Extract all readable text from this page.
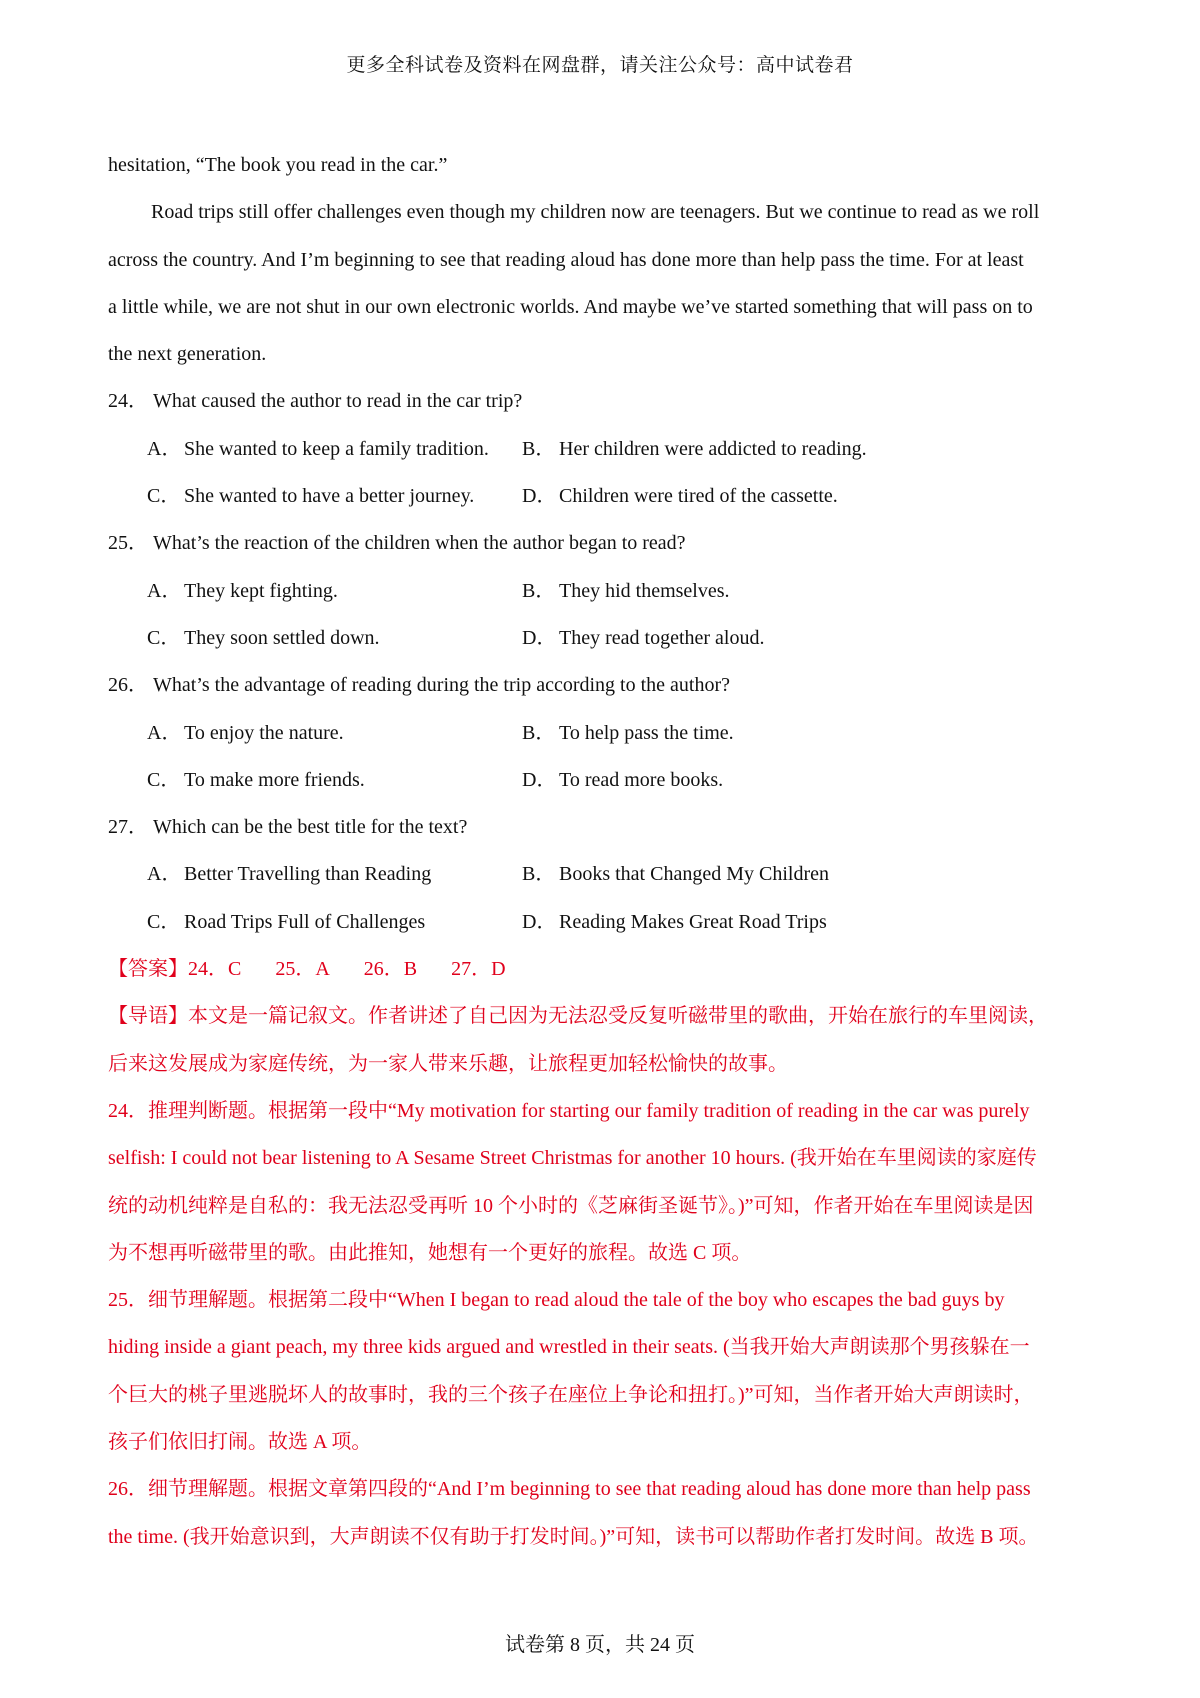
更多全科试卷及资料在网盘群，请关注公众号：高中试卷君
hesitation, “The book you read in the car.”
Road trips still offer challenges even though my children now are teenagers. But we continue to read as we roll
across the country. And I’m beginning to see that reading aloud has done more than help pass the time. For at least
a little while, we are not shut in our own electronic worlds. And maybe we’ve started something that will pass on to
the next generation.
24． What caused the author to read in the car trip?
A． She wanted to keep a family tradition. B． Her children were addicted to reading.
C． She wanted to have a better journey. D． Children were tired of the cassette.
25． What’s the reaction of the children when the author began to read?
A． They kept fighting.	B． They hid themselves.
C． They soon settled down.	D． They read together aloud.
26． What’s the advantage of reading during the trip according to the author?
A． To enjoy the nature.	B． To help pass the time.
C． To make more friends.	D． To read more books.
27． Which can be the best title for the text?
A． Better Travelling than Reading	B． Books that Changed My Children
C． Road Trips Full of Challenges	D． Reading Makes Great Road Trips
【答案】 24．C 25．A 26．B 27．D
【导语】本文是一篇记叙文。作者讲述了自己因为无法忍受反复听磁带里的歌曲，开始在旅行的车里阅读，
后来这发展成为家庭传统，为一家人带来乐趣，让旅程更加轻松愉快的故事。
24．推理判断题。根据第一段中“My motivation for starting our family tradition of reading in the car was purely
selfish: I could not bear listening to A Sesame Street Christmas for another 10 hours. (我开始在车里阅读的家庭传
统的动机纯粹是自私的：我无法忍受再听 10 个小时的《芝麻街圣诞节》。)”可知，作者开始在车里阅读是因
为不想再听磁带里的歌。由此推知，她想有一个更好的旅程。故选 C 项。
25．细节理解题。根据第二段中“When I began to read aloud the tale of the boy who escapes the bad guys by
hiding inside a giant peach, my three kids argued and wrestled in their seats. (当我开始大声朗读那个男孩躲在一
个巨大的桃子里逃脱坏人的故事时，我的三个孩子在座位上争论和扭打。)”可知，当作者开始大声朗读时，
孩子们依旧打闹。故选 A 项。
26．细节理解题。根据文章第四段的“And I’m beginning to see that reading aloud has done more than help pass
the time. (我开始意识到，大声朗读不仅有助于打发时间。)”可知，读书可以帮助作者打发时间。故选 B 项。
试卷第 8 页，共 24 页
